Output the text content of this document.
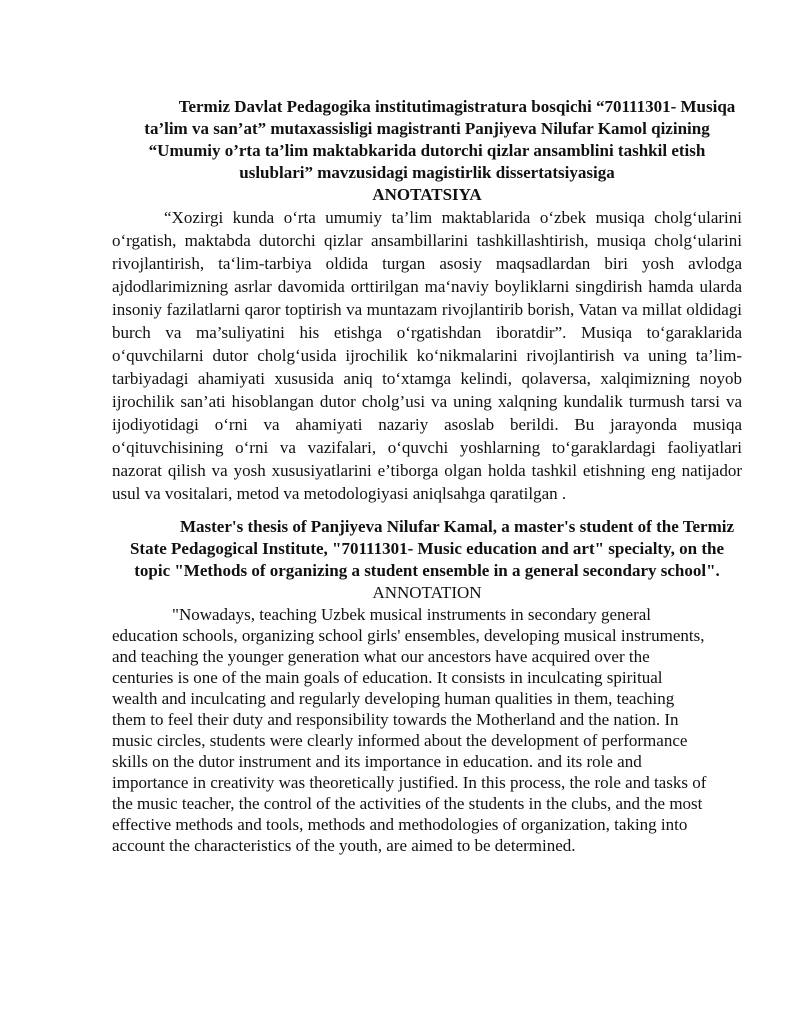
Termiz Davlat Pedagogika institutimagistratura bosqichi “70111301- Musiqa ta’lim va san’at” mutaxassisligi magistranti Panjiyeva Nilufar Kamol qizining “Umumiy o’rta ta’lim maktabkarida dutorchi qizlar ansamblini tashkil etish uslublari” mavzusidagi magistirlik dissertatsiyasiga

ANOTATSIYA

“Xozirgi kunda o‘rta umumiy ta’lim maktablarida o‘zbek musiqa cholg‘ularini o‘rgatish, maktabda dutorchi qizlar ansambillarini tashkillashtirish, musiqa cholg‘ularini rivojlantirish, ta‘lim-tarbiya oldida turgan asosiy maqsadlardan biri yosh avlodga ajdodlarimizning asrlar davomida orttirilgan ma‘naviy boyliklarni singdirish hamda ularda insoniy fazilatlarni qaror toptirish va muntazam rivojlantirib borish, Vatan va millat oldidagi burch va ma’suliyatini his etishga o‘rgatishdan iboratdir”. Musiqa to‘garaklarida o‘quvchilarni dutor cholg‘usida ijrochilik ko‘nikmalarini rivojlantirish va uning ta’lim-tarbiyadagi ahamiyati xususida aniq to‘xtamga kelindi, qolaversa, xalqimizning noyob ijrochilik san’ati hisoblangan dutor cholg’usi va uning xalqning kundalik turmush tarsi va ijodiyotidagi o‘rni va ahamiyati nazariy asoslab berildi. Bu jarayonda musiqa o‘qituvchisining o‘rni va vazifalari, o‘quvchi yoshlarning to‘garaklardagi faoliyatlari nazorat qilish va yosh xususiyatlarini e’tiborga olgan holda tashkil etishning eng natijador usul va vositalari, metod va metodologiyasi aniqlsahga qaratilgan .

Master's thesis of Panjiyeva Nilufar Kamal, a master's student of the Termiz State Pedagogical Institute, "70111301- Music education and art" specialty, on the topic "Methods of organizing a student ensemble in a general secondary school".

ANNOTATION

"Nowadays, teaching Uzbek musical instruments in secondary general education schools, organizing school girls' ensembles, developing musical instruments, and teaching the younger generation what our ancestors have acquired over the centuries is one of the main goals of education. It consists in inculcating spiritual wealth and inculcating and regularly developing human qualities in them, teaching them to feel their duty and responsibility towards the Motherland and the nation. In music circles, students were clearly informed about the development of performance skills on the dutor instrument and its importance in education. and its role and importance in creativity was theoretically justified. In this process, the role and tasks of the music teacher, the control of the activities of the students in the clubs, and the most effective methods and tools, methods and methodologies of organization, taking into account the characteristics of the youth, are aimed to be determined.
